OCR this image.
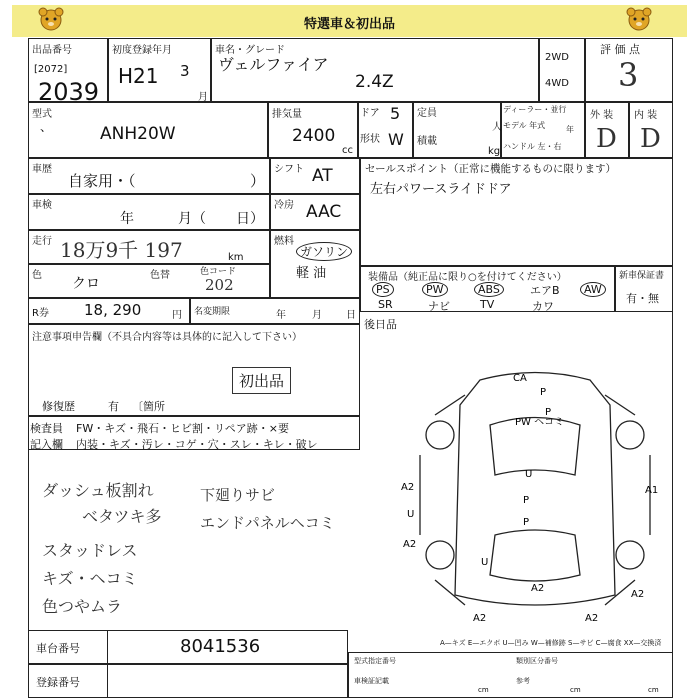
特選車＆初出品
出品番号
[2072]
2039
初度登録年月
H21 3
月
車名・グレード
ヴェルファイア
2.4Z
2WD
4WD
評 価 点
3
型式
、	ANH20W
排気量
2400
cc
ドア 5
形状 W
定員
人
積載
kg
ディーラー・並行
モデル 年式	年
ハンドル 左・右
外 装
D
内 装
D
車歴
自家用・（	）
シフト AT
車検
年	月（ 日）
冷房 AAC
走行 18万9千 197	km
燃料
ガソリン
軽 油
色
クロ
色替	色コード
202
セールスポイント（正常に機能するものに限ります）
左右パワースライドドア
装備品（純正品に限り○を付けてください）
PS	PW	ABS	エアB	AW
SR	ナビ	TV	カワ
新車保証書
有・無
R券 18, 290	円 名変期限	年	月 日
後日品
注意事項申告欄（不具合内容等は具体的に記入して下さい）
初出品
修復歴	有 〔箇所
検査員 FW・キズ・飛石・ヒビ割・リペア跡・×要
記入欄 内装・キズ・汚レ・コゲ・穴・スレ・キレ・破レ
ダッシュ板割れ
ベタツキ多
スタッドレス
キズ・ヘコミ
色つやムラ
下廻りサビ
エンドパネルヘコミ
CA
P
PW ヘコミ
A2
U
U
A2
A1
P
P
U
A2
A2	A2
A2
P
A—キズ E—エクボ U—凹み W—補修跡 S—サビ C—腐食 XX—交換済
車台番号	8041536
登録番号
型式指定番号	類別区分番号
車検証記載	参考
cm	cm	cm
